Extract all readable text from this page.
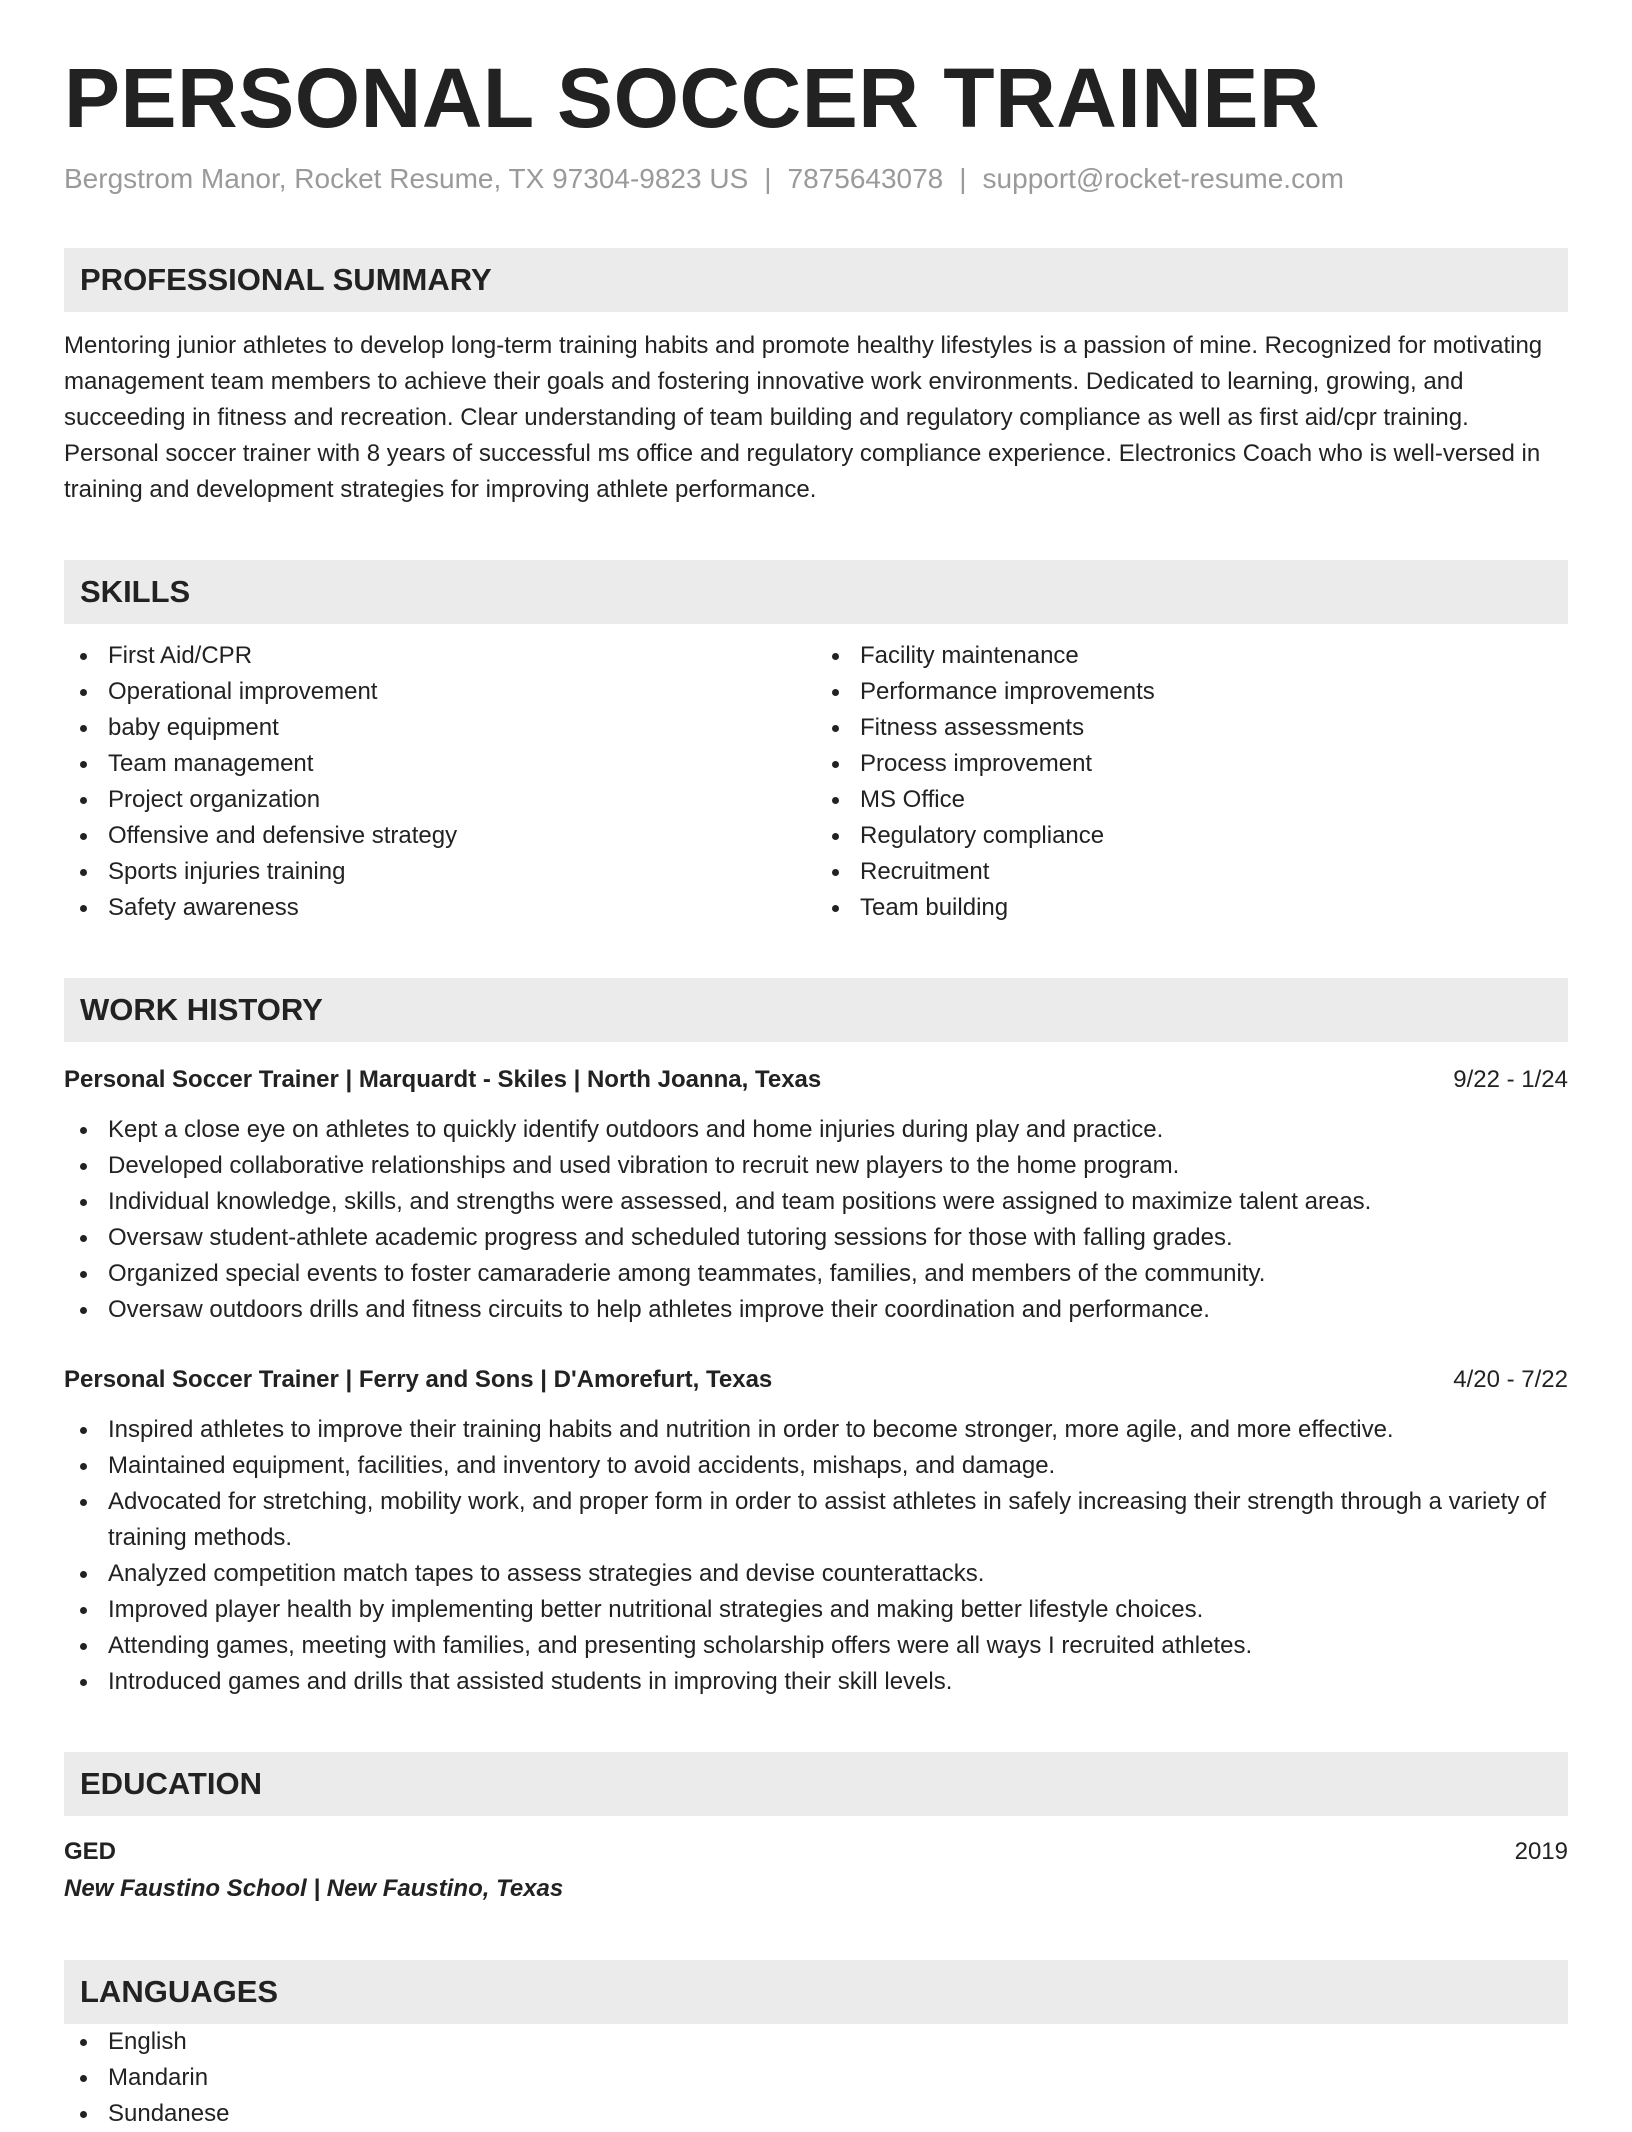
PERSONAL SOCCER TRAINER
Bergstrom Manor, Rocket Resume, TX 97304-9823 US | 7875643078 | support@rocket-resume.com
PROFESSIONAL SUMMARY
Mentoring junior athletes to develop long-term training habits and promote healthy lifestyles is a passion of mine. Recognized for motivating management team members to achieve their goals and fostering innovative work environments. Dedicated to learning, growing, and succeeding in fitness and recreation. Clear understanding of team building and regulatory compliance as well as first aid/cpr training. Personal soccer trainer with 8 years of successful ms office and regulatory compliance experience. Electronics Coach who is well-versed in training and development strategies for improving athlete performance.
SKILLS
First Aid/CPR
Operational improvement
baby equipment
Team management
Project organization
Offensive and defensive strategy
Sports injuries training
Safety awareness
Facility maintenance
Performance improvements
Fitness assessments
Process improvement
MS Office
Regulatory compliance
Recruitment
Team building
WORK HISTORY
Personal Soccer Trainer | Marquardt - Skiles | North Joanna, Texas	9/22 - 1/24
Kept a close eye on athletes to quickly identify outdoors and home injuries during play and practice.
Developed collaborative relationships and used vibration to recruit new players to the home program.
Individual knowledge, skills, and strengths were assessed, and team positions were assigned to maximize talent areas.
Oversaw student-athlete academic progress and scheduled tutoring sessions for those with falling grades.
Organized special events to foster camaraderie among teammates, families, and members of the community.
Oversaw outdoors drills and fitness circuits to help athletes improve their coordination and performance.
Personal Soccer Trainer | Ferry and Sons | D'Amorefurt, Texas	4/20 - 7/22
Inspired athletes to improve their training habits and nutrition in order to become stronger, more agile, and more effective.
Maintained equipment, facilities, and inventory to avoid accidents, mishaps, and damage.
Advocated for stretching, mobility work, and proper form in order to assist athletes in safely increasing their strength through a variety of training methods.
Analyzed competition match tapes to assess strategies and devise counterattacks.
Improved player health by implementing better nutritional strategies and making better lifestyle choices.
Attending games, meeting with families, and presenting scholarship offers were all ways I recruited athletes.
Introduced games and drills that assisted students in improving their skill levels.
EDUCATION
GED	2019
New Faustino School | New Faustino, Texas
LANGUAGES
English
Mandarin
Sundanese
